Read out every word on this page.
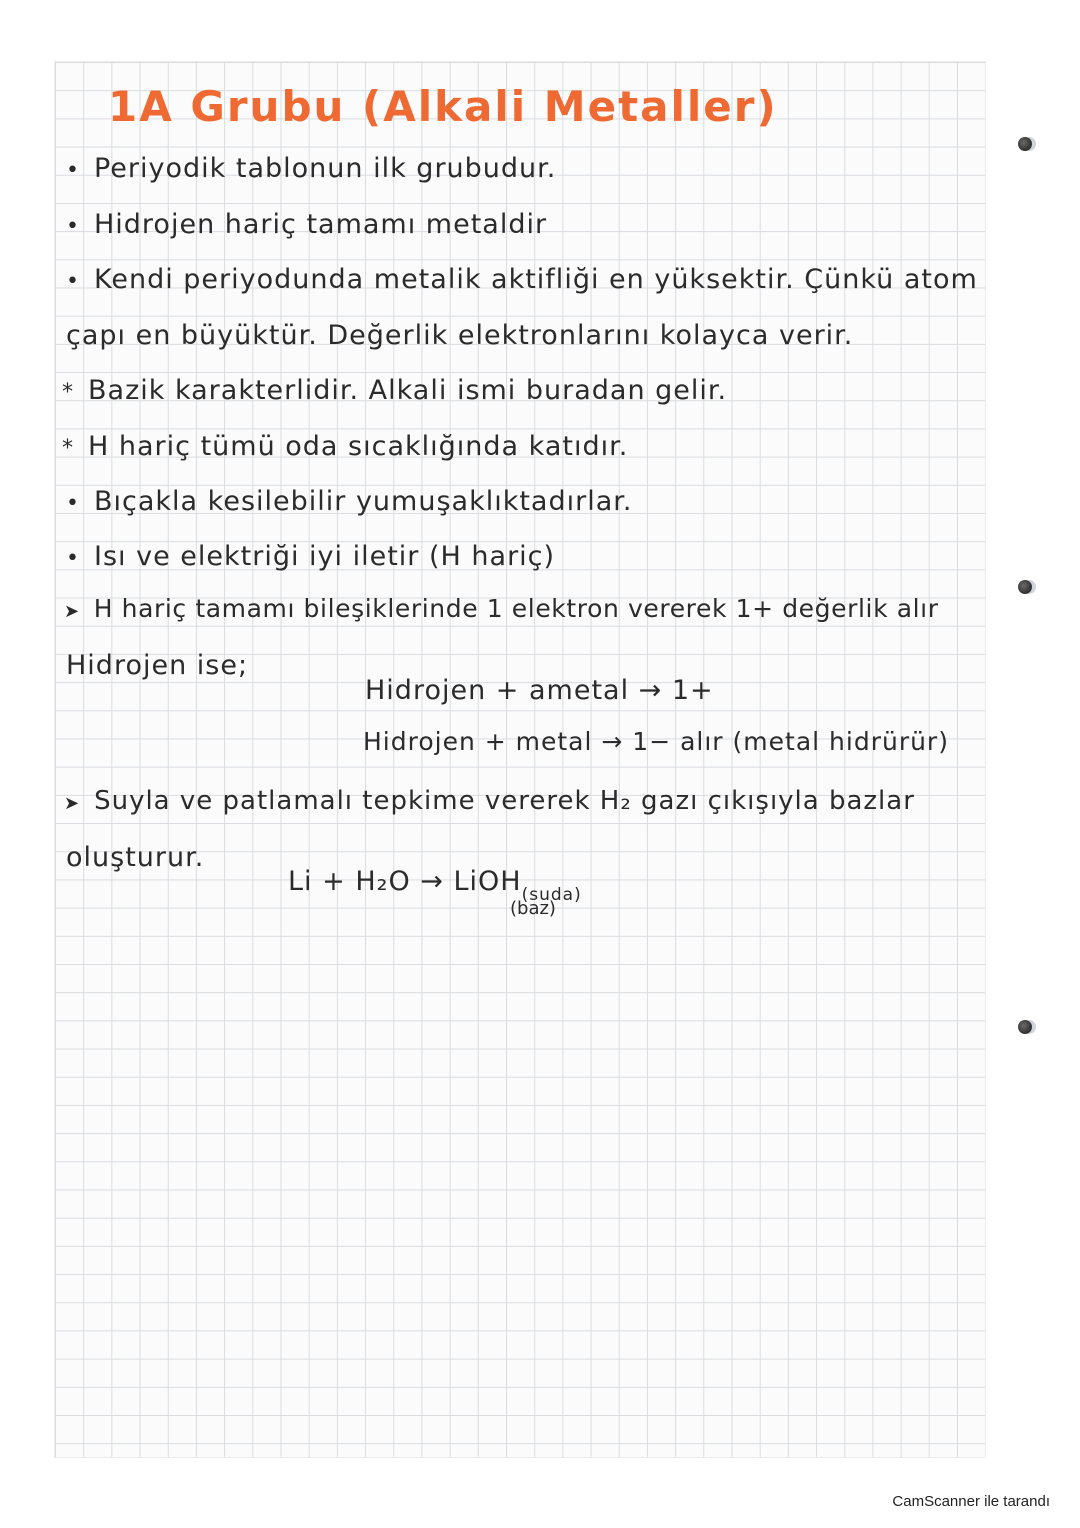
1A Grubu (Alkali Metaller)
• Periyodik tablonun ilk grubudur.
• Hidrojen hariç tamamı metaldir
• Kendi periyodunda metalik aktifliği en yüksektir. Çünkü atom
çapı en büyüktür. Değerlik elektronlarını kolayca verir.
* Bazik karakterlidir. Alkali ismi buradan gelir.
* H hariç tümü oda sıcaklığında katıdır.
• Bıçakla kesilebilir yumuşaklıktadırlar.
• Isı ve elektriği iyi iletir (H hariç)
➤ H hariç tamamı bileşiklerinde 1 elektron vererek 1+ değerlik alır
Hidrojen ise;
Hidrojen + ametal → 1+
Hidrojen + metal → 1− alır (metal hidrürür)
➤ Suyla ve patlamalı tepkime vererek H₂ gazı çıkışıyla bazlar
oluşturur.
Li + H₂O → LiOH$_{(suda)}$
(baz)
CamScanner ile tarandı
